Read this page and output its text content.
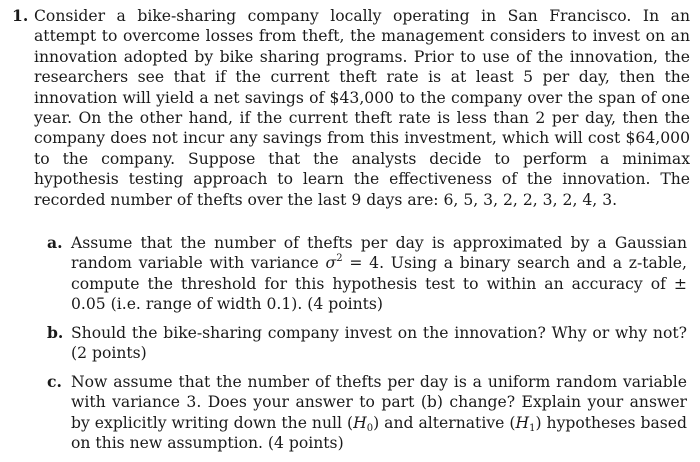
1. Consider a bike-sharing company locally operating in San Francisco. In an attempt to overcome losses from theft, the management considers to invest on an innovation adopted by bike sharing programs. Prior to use of the innovation, the researchers see that if the current theft rate is at least 5 per day, then the innovation will yield a net savings of $43,000 to the company over the span of one year. On the other hand, if the current theft rate is less than 2 per day, then the company does not incur any savings from this investment, which will cost $64,000 to the company. Suppose that the analysts decide to perform a minimax hypothesis testing approach to learn the effectiveness of the innovation. The recorded number of thefts over the last 9 days are: 6, 5, 3, 2, 2, 3, 2, 4, 3.
a. Assume that the number of thefts per day is approximated by a Gaussian random variable with variance $\sigma^2 = 4$. Using a binary search and a z-table, compute the threshold for this hypothesis test to within an accuracy of ± 0.05 (i.e. range of width 0.1). (4 points)
b. Should the bike-sharing company invest on the innovation? Why or why not? (2 points)
c. Now assume that the number of thefts per day is a uniform random variable with variance 3. Does your answer to part (b) change? Explain your answer by explicitly writing down the null (H0) and alternative (H1) hypotheses based on this new assumption. (4 points)
